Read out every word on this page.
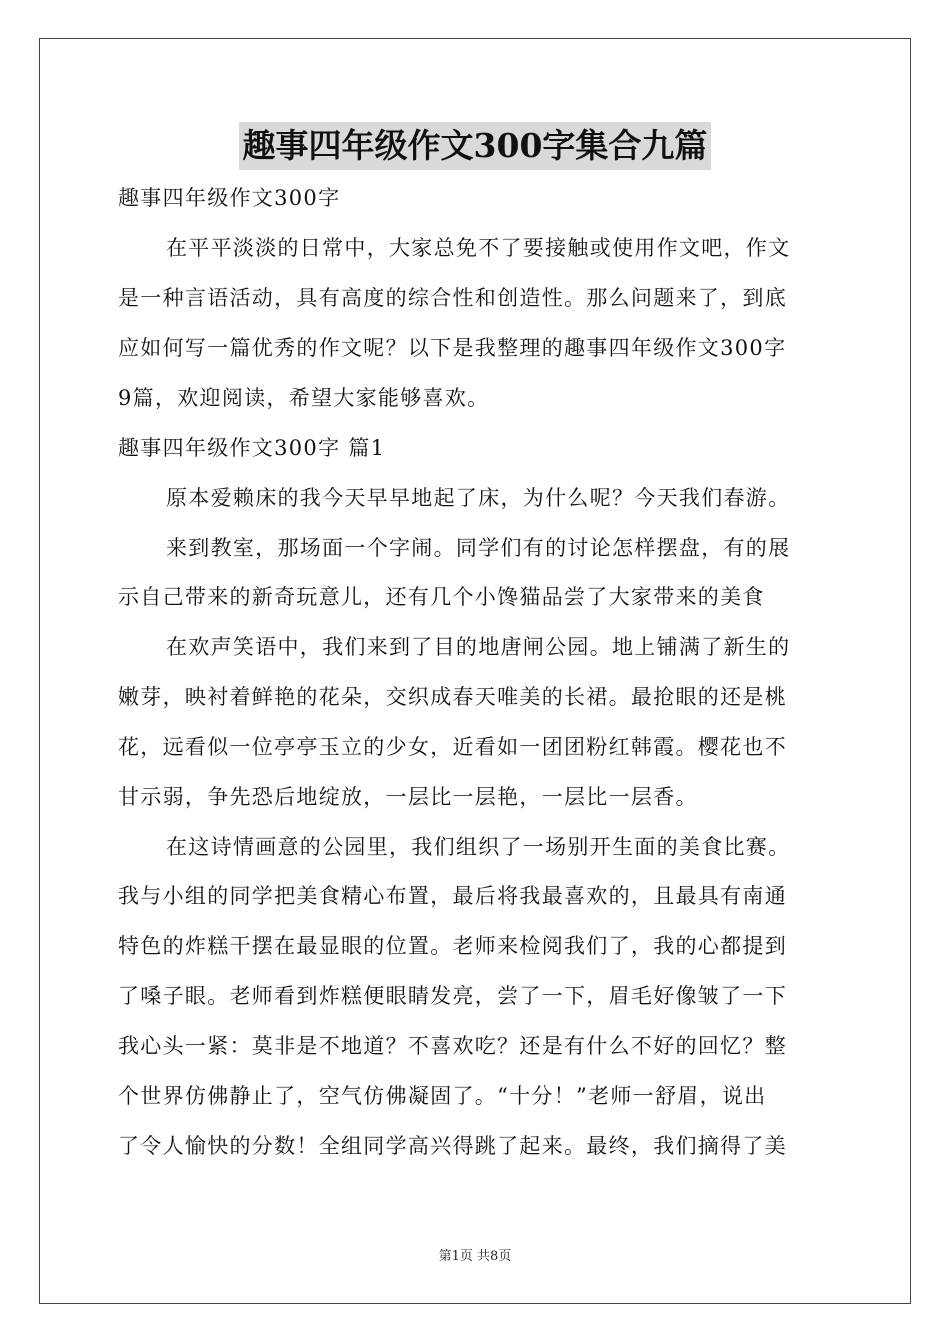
趣事四年级作文300字集合九篇
趣事四年级作文300字
在平平淡淡的日常中，大家总免不了要接触或使用作文吧，作文
是一种言语活动，具有高度的综合性和创造性。那么问题来了，到底
应如何写一篇优秀的作文呢？以下是我整理的趣事四年级作文300字
9篇，欢迎阅读，希望大家能够喜欢。
趣事四年级作文300字 篇1
原本爱赖床的我今天早早地起了床，为什么呢？今天我们春游。
来到教室，那场面一个字闹。同学们有的讨论怎样摆盘，有的展
示自己带来的新奇玩意儿，还有几个小馋猫品尝了大家带来的美食
在欢声笑语中，我们来到了目的地唐闸公园。地上铺满了新生的
嫩芽，映衬着鲜艳的花朵，交织成春天唯美的长裙。最抢眼的还是桃
花，远看似一位亭亭玉立的少女，近看如一团团粉红韩霞。樱花也不
甘示弱，争先恐后地绽放，一层比一层艳，一层比一层香。
在这诗情画意的公园里，我们组织了一场别开生面的美食比赛。
我与小组的同学把美食精心布置，最后将我最喜欢的，且最具有南通
特色的炸糕干摆在最显眼的位置。老师来检阅我们了，我的心都提到
了嗓子眼。老师看到炸糕便眼睛发亮，尝了一下，眉毛好像皱了一下
我心头一紧：莫非是不地道？不喜欢吃？还是有什么不好的回忆？整
个世界仿佛静止了，空气仿佛凝固了。“十分！”老师一舒眉，说出
了令人愉快的分数！全组同学高兴得跳了起来。最终，我们摘得了美
第1页 共8页
